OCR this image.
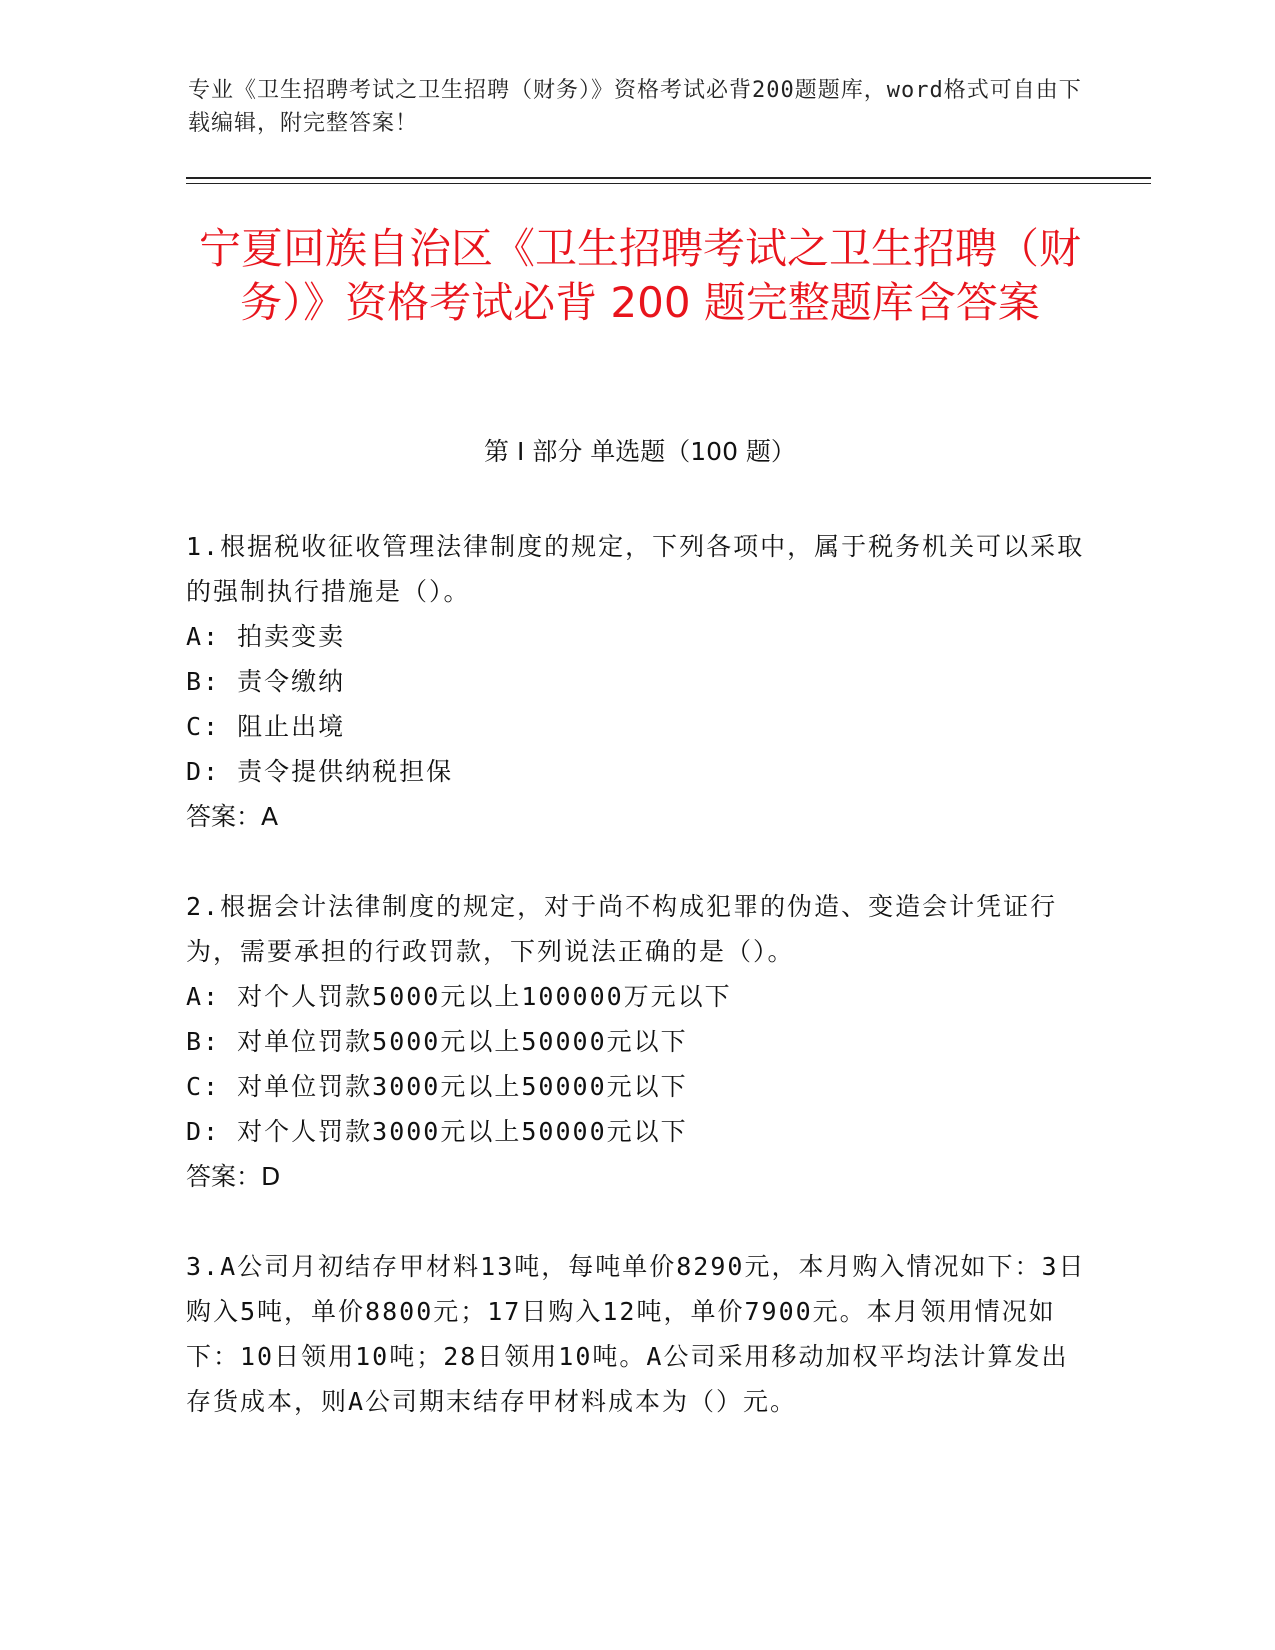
专业《卫生招聘考试之卫生招聘（财务）》资格考试必背200题题库，word格式可自由下载编辑，附完整答案！
宁夏回族自治区《卫生招聘考试之卫生招聘（财务）》资格考试必背 200 题完整题库含答案
第 I 部分 单选题（100 题）

1.根据税收征收管理法律制度的规定，下列各项中，属于税务机关可以采取的强制执行措施是（）。

A: 拍卖变卖

B: 责令缴纳

C: 阻止出境

D: 责令提供纳税担保

答案：A

2.根据会计法律制度的规定，对于尚不构成犯罪的伪造、变造会计凭证行为，需要承担的行政罚款，下列说法正确的是（）。

A: 对个人罚款5000元以上100000万元以下

B: 对单位罚款5000元以上50000元以下

C: 对单位罚款3000元以上50000元以下

D: 对个人罚款3000元以上50000元以下

答案：D

3.A公司月初结存甲材料13吨，每吨单价8290元，本月购入情况如下：3日购入5吨，单价8800元；17日购入12吨，单价7900元。本月领用情况如下：10日领用10吨；28日领用10吨。A公司采用移动加权平均法计算发出存货成本，则A公司期末结存甲材料成本为（）元。
